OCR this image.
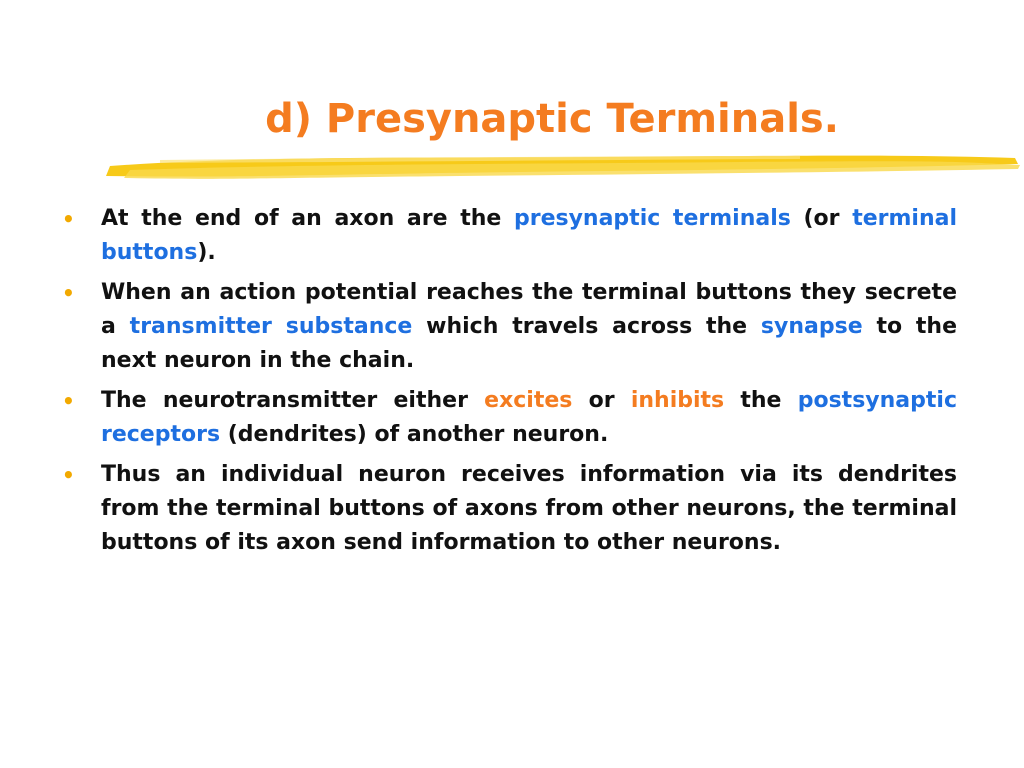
d) Presynaptic Terminals.
• At the end of an axon are the presynaptic terminals (or terminal buttons).
• When an action potential reaches the terminal buttons they secrete a transmitter substance which travels across the synapse to the next neuron in the chain.
• The neurotransmitter either excites or inhibits the postsynaptic receptors (dendrites) of another neuron.
• Thus an individual neuron receives information via its dendrites from the terminal buttons of axons from other neurons, the terminal buttons of its axon send information to other neurons.
